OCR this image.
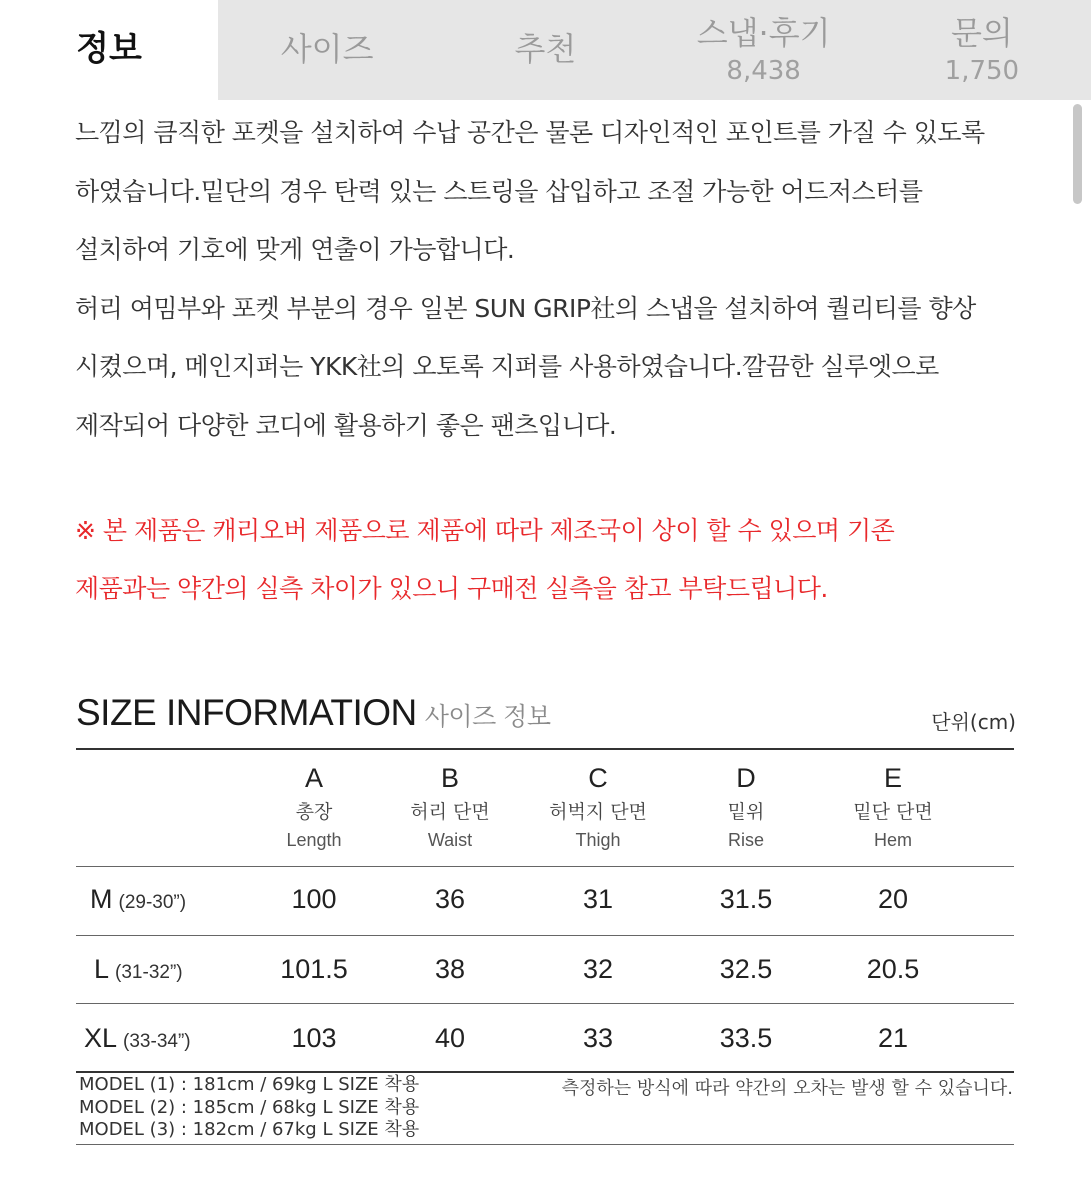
정보	사이즈	추천	스냅·후기
8,438
문의
1,750

느낌의 큼직한 포켓을 설치하여 수납 공간은 물론 디자인적인 포인트를 가질 수 있도록

하였습니다.밑단의 경우 탄력 있는 스트링을 삽입하고 조절 가능한 어드저스터를

설치하여 기호에 맞게 연출이 가능합니다.

허리 여밈부와 포켓 부분의 경우 일본 SUN GRIP社의 스냅을 설치하여 퀄리티를 향상

시켰으며, 메인지퍼는 YKK社의 오토록 지퍼를 사용하였습니다.깔끔한 실루엣으로

제작되어 다양한 코디에 활용하기 좋은 팬츠입니다.

※ 본 제품은 캐리오버 제품으로 제품에 따라 제조국이 상이 할 수 있으며 기존

제품과는 약간의 실측 차이가 있으니 구매전 실측을 참고 부탁드립니다.

SIZE INFORMATION 사이즈 정보	단위(cm)
A
총장
Length
B
허리 단면
Waist
C
허벅지 단면
Thigh
D
밑위
Rise
E
밑단 단면
Hem
M (29-30”)	100	36	31	31.5	20
L (31-32”)	101.5	38	32	32.5	20.5
XL (33-34”)	103	40	33	33.5	21
MODEL (1) : 181cm / 69kg L SIZE 착용
MODEL (2) : 185cm / 68kg L SIZE 착용
MODEL (3) : 182cm / 67kg L SIZE 착용
측정하는 방식에 따라 약간의 오차는 발생 할 수 있습니다.
